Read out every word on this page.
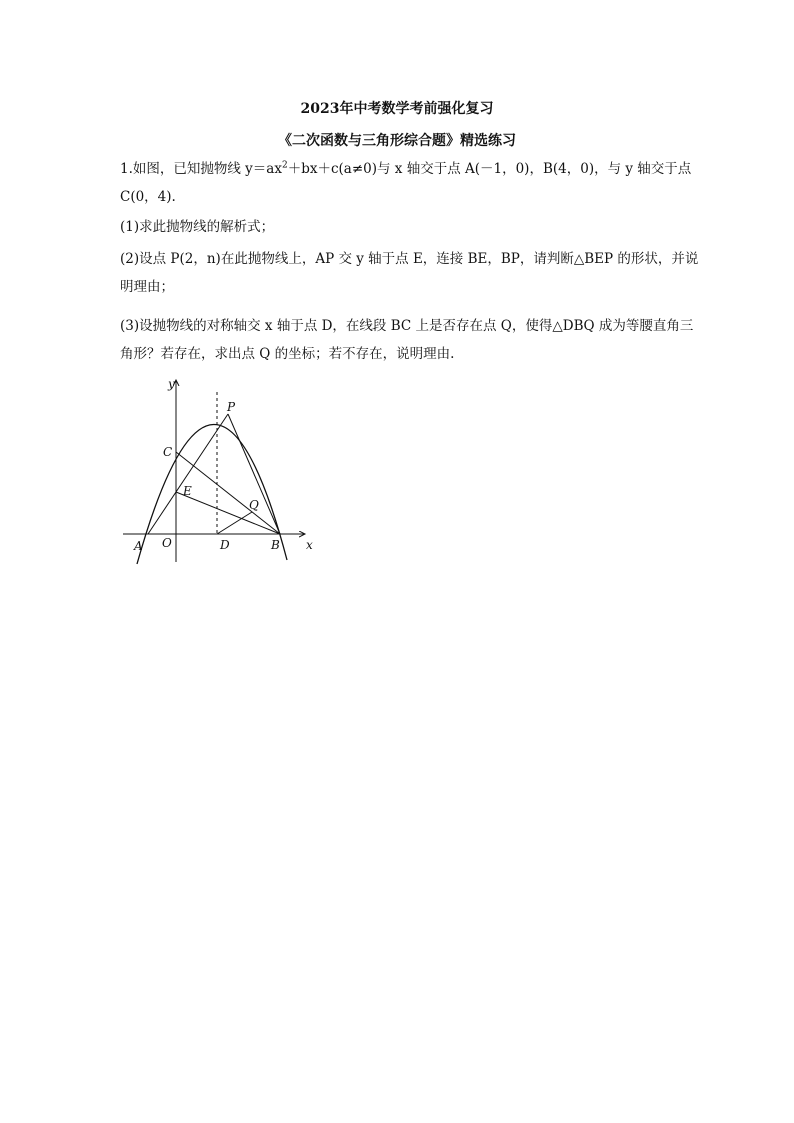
2023年中考数学考前强化复习
《二次函数与三角形综合题》精选练习
1.如图，已知抛物线 $y=ax^2+bx+c(a\ne 0)$与 x 轴交于点 A(－1，0)，B(4，0)，与 y 轴交于点 C(0，4).
(1)求此抛物线的解析式；
(2)设点 P(2，n)在此抛物线上，AP 交 y 轴于点 E，连接 BE，BP，请判断△BEP 的形状，并说明理由；
(3)设抛物线的对称轴交 x 轴于点 D，在线段 BC 上是否存在点 Q，使得△DBQ 成为等腰直角三角形？若存在，求出点 Q 的坐标；若不存在，说明理由.
y
x
P
C
E
Q
A O	D	B
